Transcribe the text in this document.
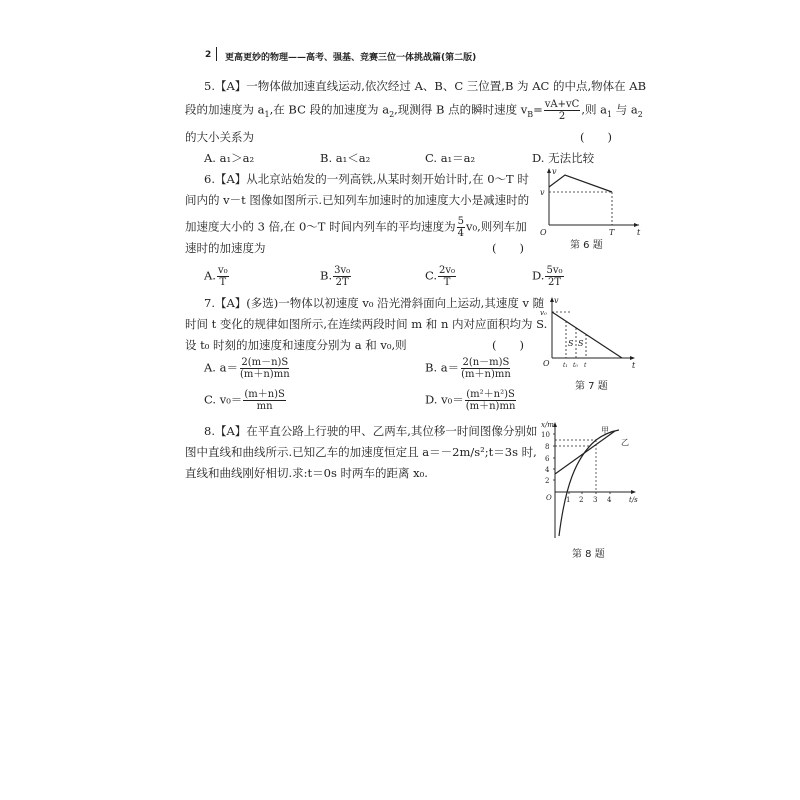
2 更高更妙的物理——高考、强基、竞赛三位一体挑战篇(第二版)
5.【A】一物体做加速直线运动,依次经过 A、B、C 三位置,B 为 AC 的中点,物体在 AB
段的加速度为 $a_1$,在 BC 段的加速度为 $a_2$,现测得 B 点的瞬时速度 $v_B= \frac{vA+vC}{2}$ ,则 $a_1$ 与 $a_2$
的大小关系为	(　　)
A. a₁＞a₂	B. a₁＜a₂	C. a₁＝a₂	D. 无法比较
6.【A】从北京站始发的一列高铁,从某时刻开始计时,在 0～T 时
间内的 v－t 图像如图所示.已知列车加速时的加速度大小是减速时的
加速度大小的 3 倍,在 0～T 时间内列车的平均速度为 $\frac{5}{4} v_0$,则列车加
速时的加速度为	(　　)
A. $\frac{\text{v₀}}{T}$	B. $\frac{\text{3v₀}}{2T}$	C. $\frac{\text{2v₀}}{T}$	D. $\frac{\text{5v₀}}{2T}$
v
t
O
v
T
第 6 题
7.【A】(多选)一物体以初速度 v₀ 沿光滑斜面向上运动,其速度 v 随
时间 t 变化的规律如图所示,在连续两段时间 m 和 n 内对应面积均为 S.
设 t₀ 时刻的加速度和速度分别为 a 和 v₀,则	(　　)
A. $a= \frac{2(m-n)S}{(m+n)mn}$	B. $a= \frac{2(n-m)S}{(m+n)mn}$
C. $v_0= \frac{(m+n)S}{mn}$	D. $v_0= \frac{\text{(m²＋n²)S}}{(m+n)mn}$
v
t
O
v₀
S S
t₁ t₀ t
第 7 题
8.【A】在平直公路上行驶的甲、乙两车,其位移一时间图像分别如
图中直线和曲线所示.已知乙车的加速度恒定且 a＝－2m/s²;t＝3s 时,
直线和曲线刚好相切.求:t＝0s 时两车的距离 x₀.
10
8
6
4
2
1 2 3 4
x/m
t/s
O
甲
乙
第 8 题
